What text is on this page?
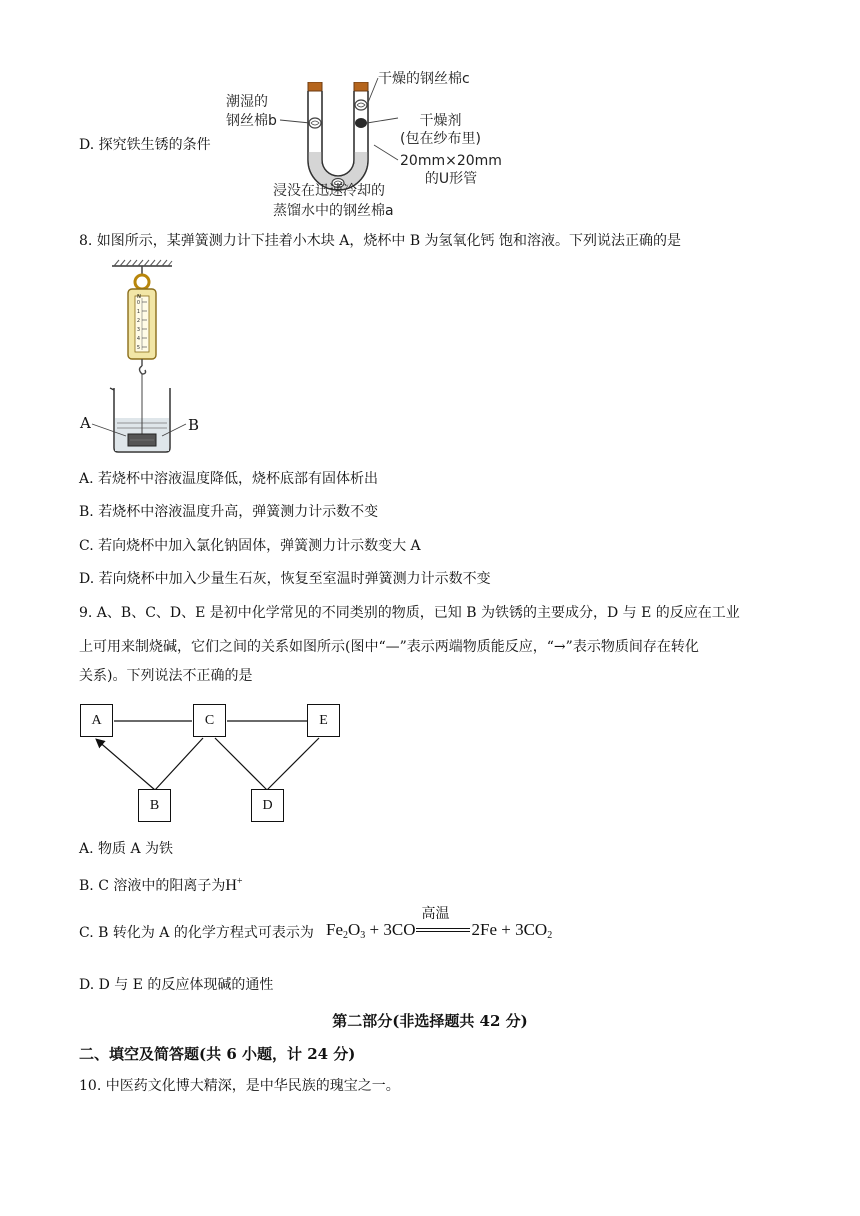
D. 探究铁生锈的条件
潮湿的
钢丝棉b
干燥的钢丝棉c
干燥剂
(包在纱布里)
20mm×20mm
的U形管
浸没在迅速冷却的
蒸馏水中的钢丝棉a
8. 如图所示，某弹簧测力计下挂着小木块 A，烧杯中 B 为氢氧化钙 饱和溶液。下列说法正确的是
N
0
1
2
3
4
5
A	B
A. 若烧杯中溶液温度降低，烧杯底部有固体析出
B. 若烧杯中溶液温度升高，弹簧测力计示数不变
C. 若向烧杯中加入氯化钠固体，弹簧测力计示数变大 A
D. 若向烧杯中加入少量生石灰，恢复至室温时弹簧测力计示数不变
9. A、B、C、D、E 是初中化学常见的不同类别的物质，已知 B 为铁锈的主要成分，D 与 E 的反应在工业
上可用来制烧碱，它们之间的关系如图所示(图中“—”表示两端物质能反应，“→”表示物质间存在转化
关系)。下列说法不正确的是
A	C	E
B	D
A. 物质 A 为铁
B. C 溶液中的阳离子为H+
C. B 转化为 A 的化学方程式可表示为 $Fe_2O_3 + 3CO$
高温
$2Fe + 3CO_2$
D. D 与 E 的反应体现碱的通性
第二部分(非选择题共 42 分)
二、填空及简答题(共 6 小题，计 24 分)
10. 中医药文化博大精深，是中华民族的瑰宝之一。
